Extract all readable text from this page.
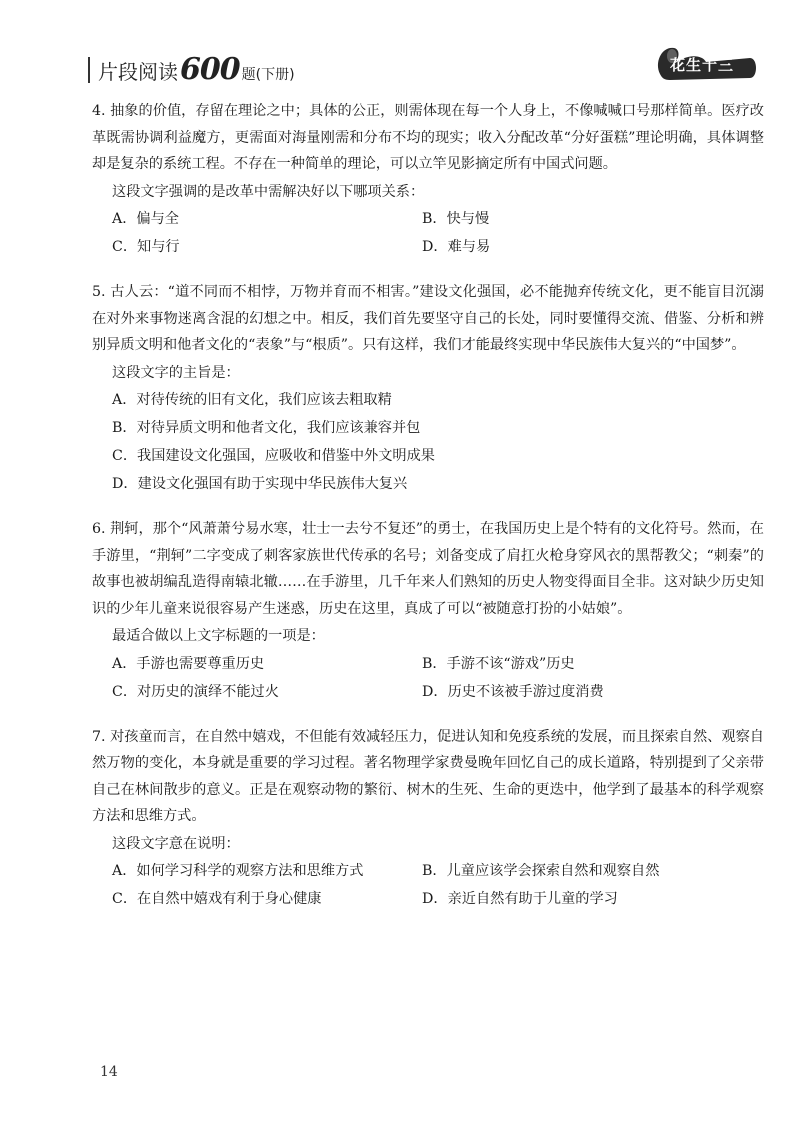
片段阅读 600 题 (下册)
花生十三

4. 抽象的价值，存留在理论之中；具体的公正，则需体现在每一个人身上，不像喊喊口号那样简单。医疗改革既需协调利益魔方，更需面对海量刚需和分布不均的现实；收入分配改革“分好蛋糕”理论明确，具体调整却是复杂的系统工程。不存在一种简单的理论，可以立竿见影摘定所有中国式问题。

这段文字强调的是改革中需解决好以下哪项关系：

A．偏与全	B．快与慢
C．知与行	D．难与易

5. 古人云：“道不同而不相悖，万物并育而不相害。”建设文化强国，必不能抛弃传统文化，更不能盲目沉溺在对外来事物迷离含混的幻想之中。相反，我们首先要坚守自己的长处，同时要懂得交流、借鉴、分析和辨别异质文明和他者文化的“表象”与“根质”。只有这样，我们才能最终实现中华民族伟大复兴的“中国梦”。

这段文字的主旨是：

A．对待传统的旧有文化，我们应该去粗取精
B．对待异质文明和他者文化，我们应该兼容并包
C．我国建设文化强国，应吸收和借鉴中外文明成果
D．建设文化强国有助于实现中华民族伟大复兴

6. 荆轲，那个“风萧萧兮易水寒，壮士一去兮不复还”的勇士，在我国历史上是个特有的文化符号。然而，在手游里，“荆轲”二字变成了刺客家族世代传承的名号；刘备变成了肩扛火枪身穿风衣的黑帮教父；“刺秦”的故事也被胡编乱造得南辕北辙……在手游里，几千年来人们熟知的历史人物变得面目全非。这对缺少历史知识的少年儿童来说很容易产生迷惑，历史在这里，真成了可以“被随意打扮的小姑娘”。

最适合做以上文字标题的一项是：

A．手游也需要尊重历史	B．手游不该“游戏”历史
C．对历史的演绎不能过火	D．历史不该被手游过度消费

7. 对孩童而言，在自然中嬉戏，不但能有效减轻压力，促进认知和免疫系统的发展，而且探索自然、观察自然万物的变化，本身就是重要的学习过程。著名物理学家费曼晚年回忆自己的成长道路，特别提到了父亲带自己在林间散步的意义。正是在观察动物的繁衍、树木的生死、生命的更迭中，他学到了最基本的科学观察方法和思维方式。

这段文字意在说明：

A．如何学习科学的观察方法和思维方式	B．儿童应该学会探索自然和观察自然
C．在自然中嬉戏有利于身心健康	D．亲近自然有助于儿童的学习
14
